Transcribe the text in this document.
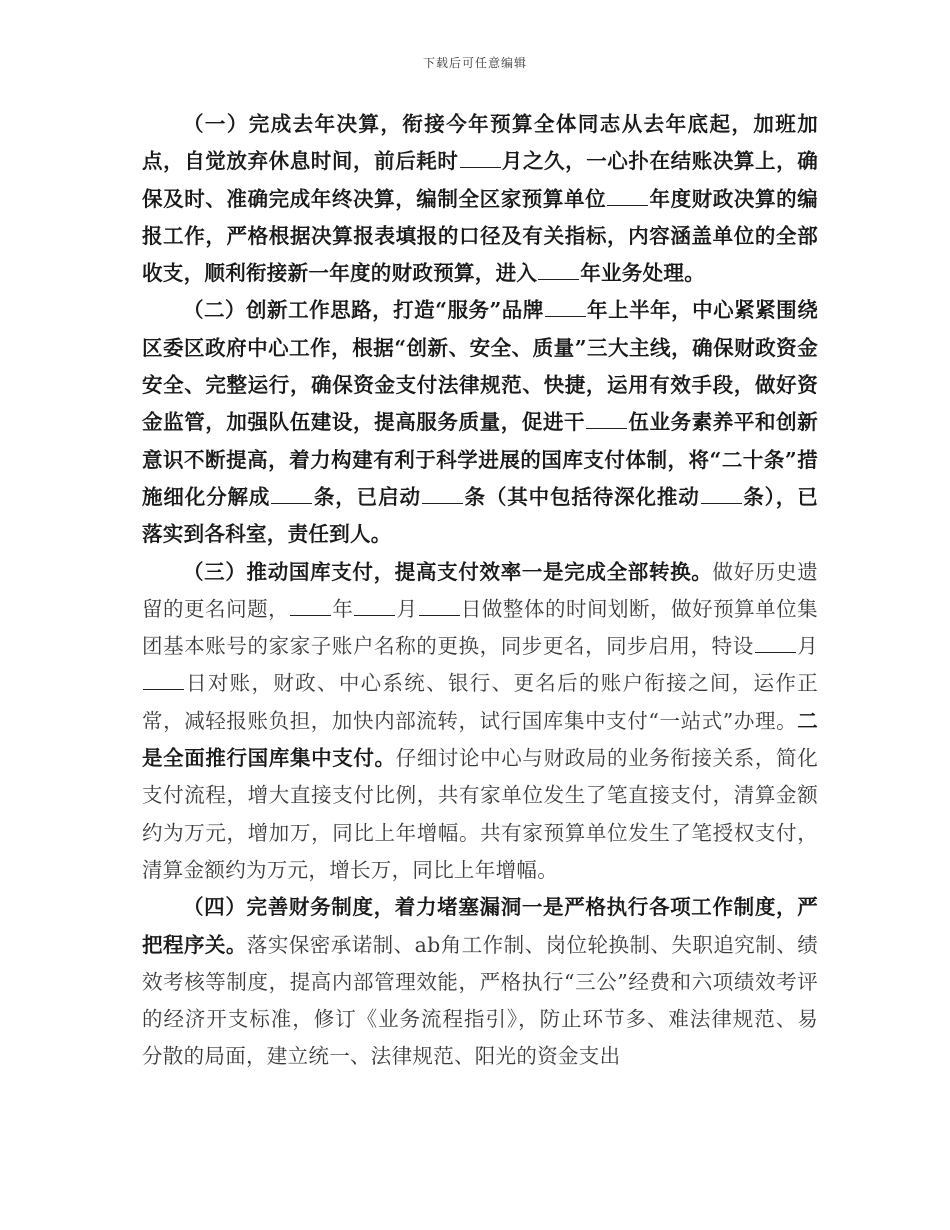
下载后可任意编辑

（一）完成去年决算，衔接今年预算全体同志从去年底起，加班加点，自觉放弃休息时间，前后耗时 月之久，一心扑在结账决算上，确保及时、准确完成年终决算，编制全区家预算单位 年度财政决算的编报工作，严格根据决算报表填报的口径及有关指标，内容涵盖单位的全部收支，顺利衔接新一年度的财政预算，进入 年业务处理。

（二）创新工作思路，打造“服务”品牌 年上半年，中心紧紧围绕区委区政府中心工作，根据“创新、安全、质量”三大主线，确保财政资金安全、完整运行，确保资金支付法律规范、快捷，运用有效手段，做好资金监管，加强队伍建设，提高服务质量，促进干 伍业务素养平和创新意识不断提高，着力构建有利于科学进展的国库支付体制，将“二十条”措施细化分解成 条，已启动 条（其中包括待深化推动 条），已落实到各科室，责任到人。

（三）推动国库支付，提高支付效率一是完成全部转换。做好历史遗留的更名问题， 年 月 日做整体的时间划断，做好预算单位集团基本账号的家家子账户名称的更换，同步更名，同步启用，特设 月日对账，财政、中心系统、银行、更名后的账户衔接之间，运作正常，减轻报账负担，加快内部流转，试行国库集中支付“一站式”办理。二是全面推行国库集中支付。仔细讨论中心与财政局的业务衔接关系，简化支付流程，增大直接支付比例，共有家单位发生了笔直接支付，清算金额约为万元，增加万，同比上年增幅。共有家预算单位发生了笔授权支付，清算金额约为万元，增长万，同比上年增幅。

（四）完善财务制度，着力堵塞漏洞一是严格执行各项工作制度，严把程序关。落实保密承诺制、ab角工作制、岗位轮换制、失职追究制、绩效考核等制度，提高内部管理效能，严格执行“三公”经费和六项绩效考评的经济开支标准，修订《业务流程指引》，防止环节多、难法律规范、易分散的局面，建立统一、法律规范、阳光的资金支出
